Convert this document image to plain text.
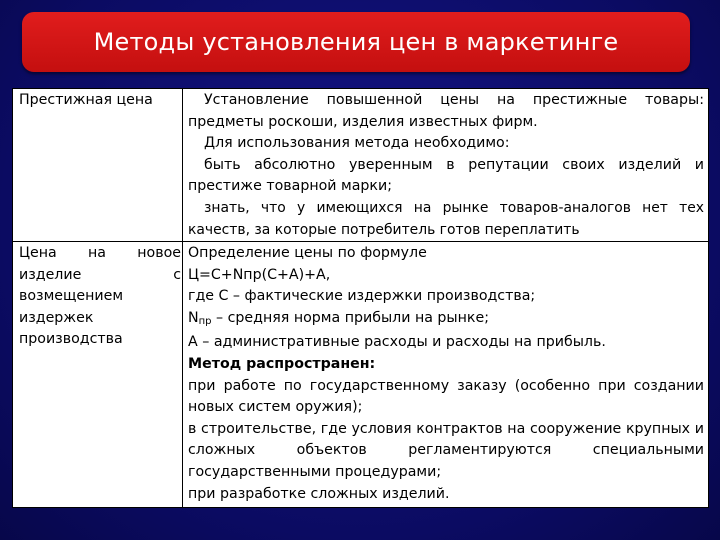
Методы установления цен в маркетинге

Престижная цена	Установление повышенной цены на престижные товары: предметы роскоши, изделия известных фирм.

Для использования метода необходимо:

быть абсолютно уверенным в репутации своих изделий и престиже товарной марки;

знать, что у имеющихся на рынке товаров-аналогов нет тех качеств, за которые потребитель готов переплатить

Цена на новое изделие с возмещением издержек производства

Определение цены по формуле

Ц=С+Nпр(С+А)+А,

где С – фактические издержки производства;

$N_{пр}$ – средняя норма прибыли на рынке;

А – административные расходы и расходы на прибыль.

Метод распространен:

при работе по государственному заказу (особенно при создании новых систем оружия);

в строительстве, где условия контрактов на сооружение крупных и сложных объектов регламентируются специальными государственными процедурами;

при разработке сложных изделий.
